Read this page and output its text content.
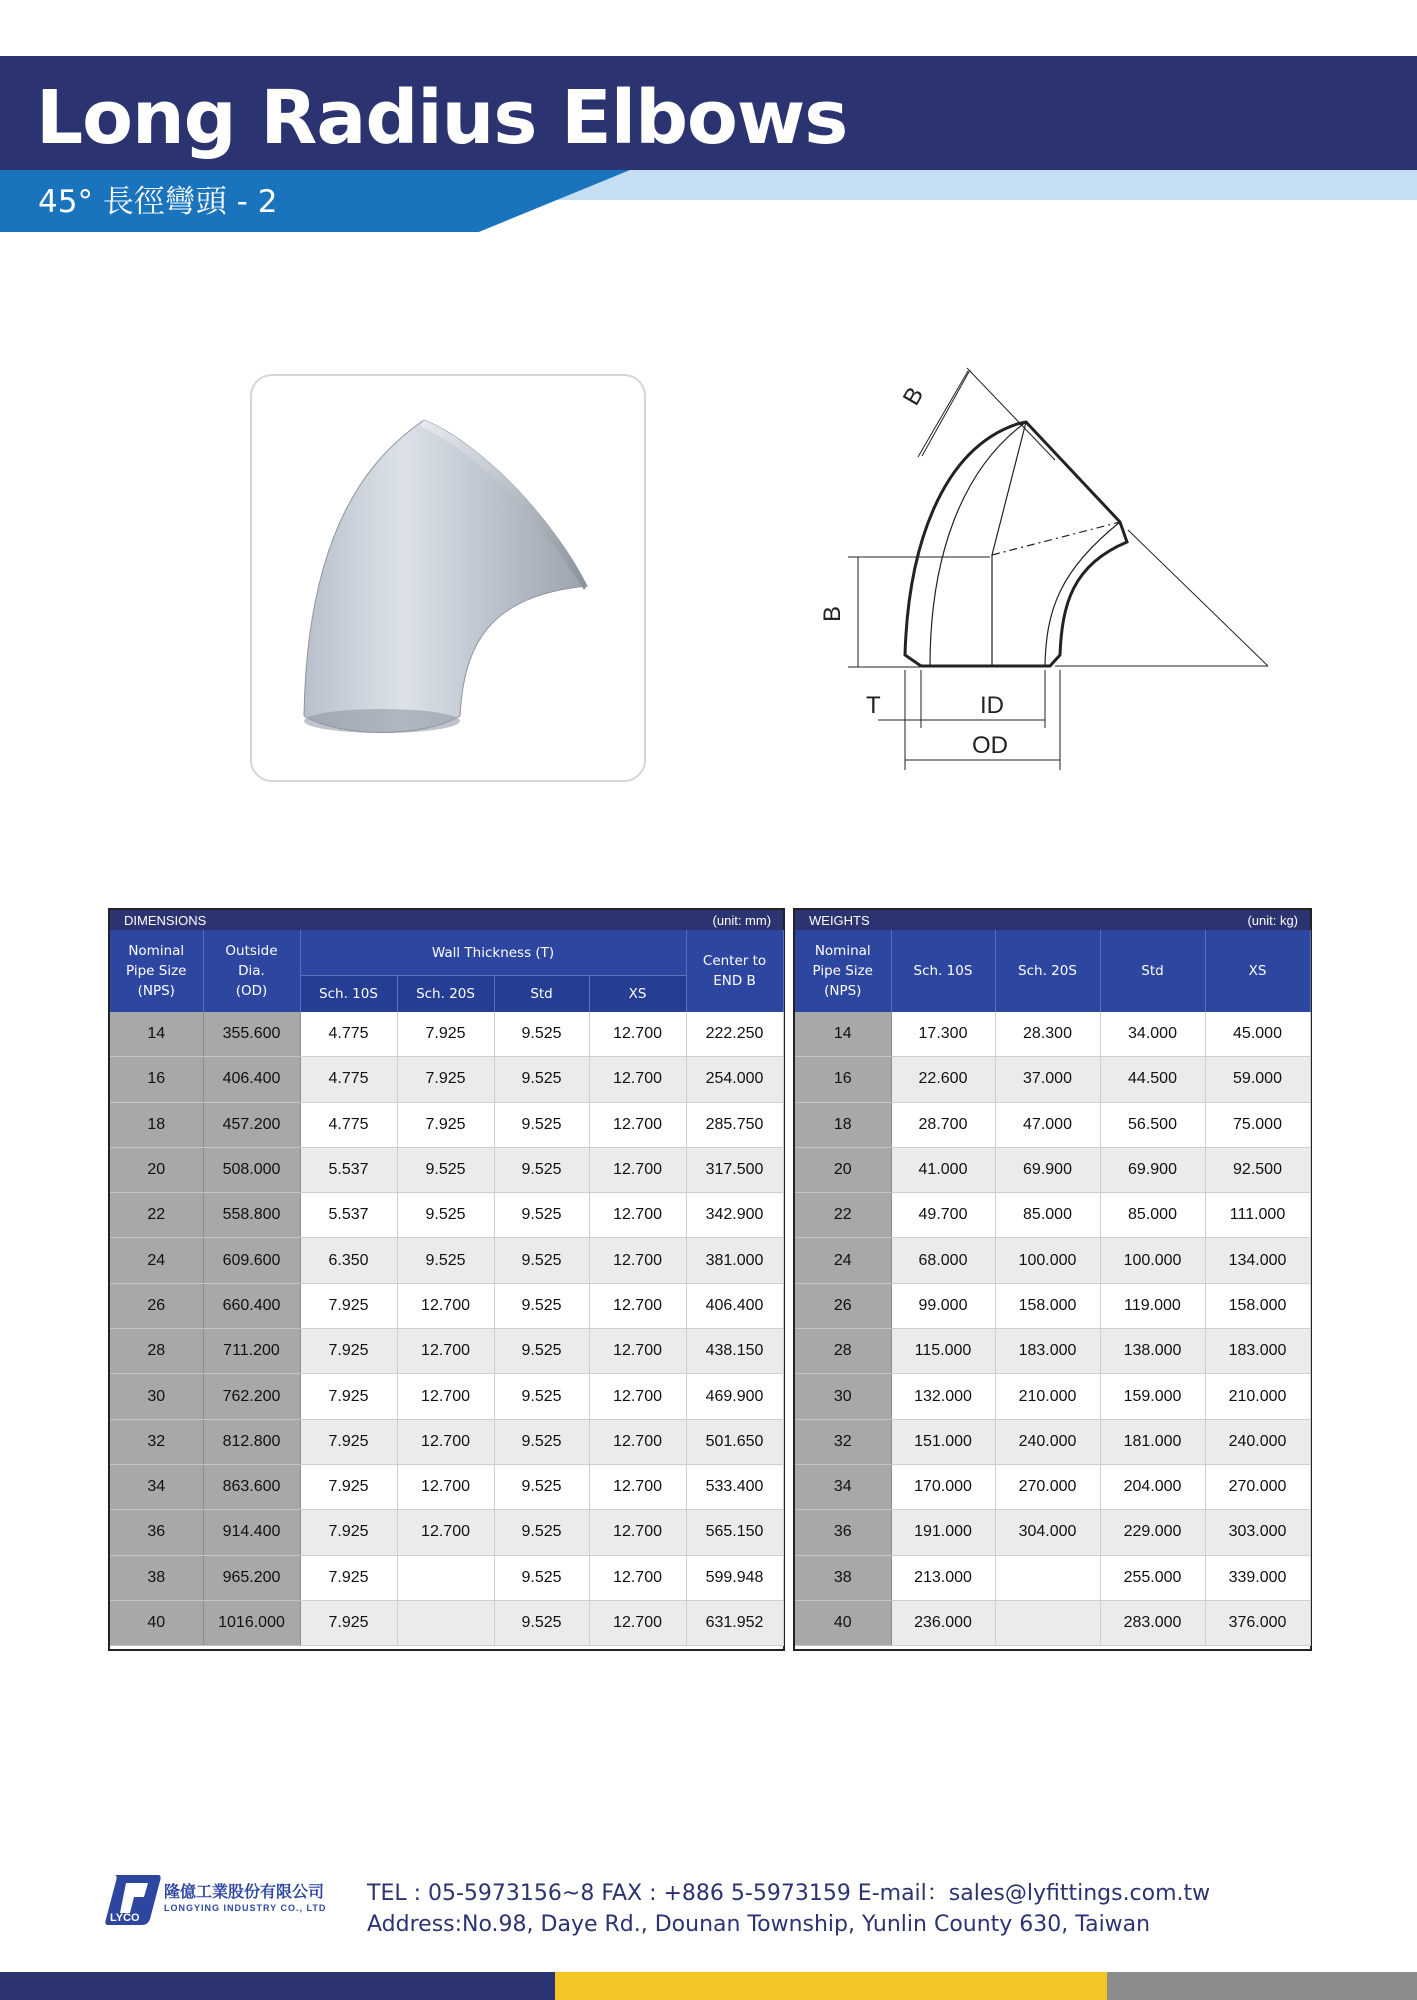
Long Radius Elbows
45° 長徑彎頭 - 2
B
B
T	ID
OD
DIMENSIONS				(unit: mm)		
Nominal
Pipe Size
(NPS)	Outside
Dia.
(OD)	Wall Thickness (T)				Center to
END B
		Sch. 10S	Sch. 20S	Std	XS	
14	355.600	4.775	7.925	9.525	12.700	222.250
16	406.400	4.775	7.925	9.525	12.700	254.000
18	457.200	4.775	7.925	9.525	12.700	285.750
20	508.000	5.537	9.525	9.525	12.700	317.500
22	558.800	5.537	9.525	9.525	12.700	342.900
24	609.600	6.350	9.525	9.525	12.700	381.000
26	660.400	7.925	12.700	9.525	12.700	406.400
28	711.200	7.925	12.700	9.525	12.700	438.150
30	762.200	7.925	12.700	9.525	12.700	469.900
32	812.800	7.925	12.700	9.525	12.700	501.650
34	863.600	7.925	12.700	9.525	12.700	533.400
36	914.400	7.925	12.700	9.525	12.700	565.150
38	965.200	7.925		9.525	12.700	599.948
40	1016.000	7.925		9.525	12.700	631.952
WEIGHTS			(unit: kg)	
Nominal
Pipe Size
(NPS)	Sch. 10S	Sch. 20S	Std	XS
14	17.300	28.300	34.000	45.000
16	22.600	37.000	44.500	59.000
18	28.700	47.000	56.500	75.000
20	41.000	69.900	69.900	92.500
22	49.700	85.000	85.000	111.000
24	68.000	100.000	100.000	134.000
26	99.000	158.000	119.000	158.000
28	115.000	183.000	138.000	183.000
30	132.000	210.000	159.000	210.000
32	151.000	240.000	181.000	240.000
34	170.000	270.000	204.000	270.000
36	191.000	304.000	229.000	303.000
38	213.000		255.000	339.000
40	236.000		283.000	376.000
LYCO
隆億工業股份有限公司
LONGYING INDUSTRY CO., LTD
TEL : 05-5973156~8 FAX : +886 5-5973159 E-mail：sales@lyfittings.com.tw
Address:No.98, Daye Rd., Dounan Township, Yunlin County 630, Taiwan
